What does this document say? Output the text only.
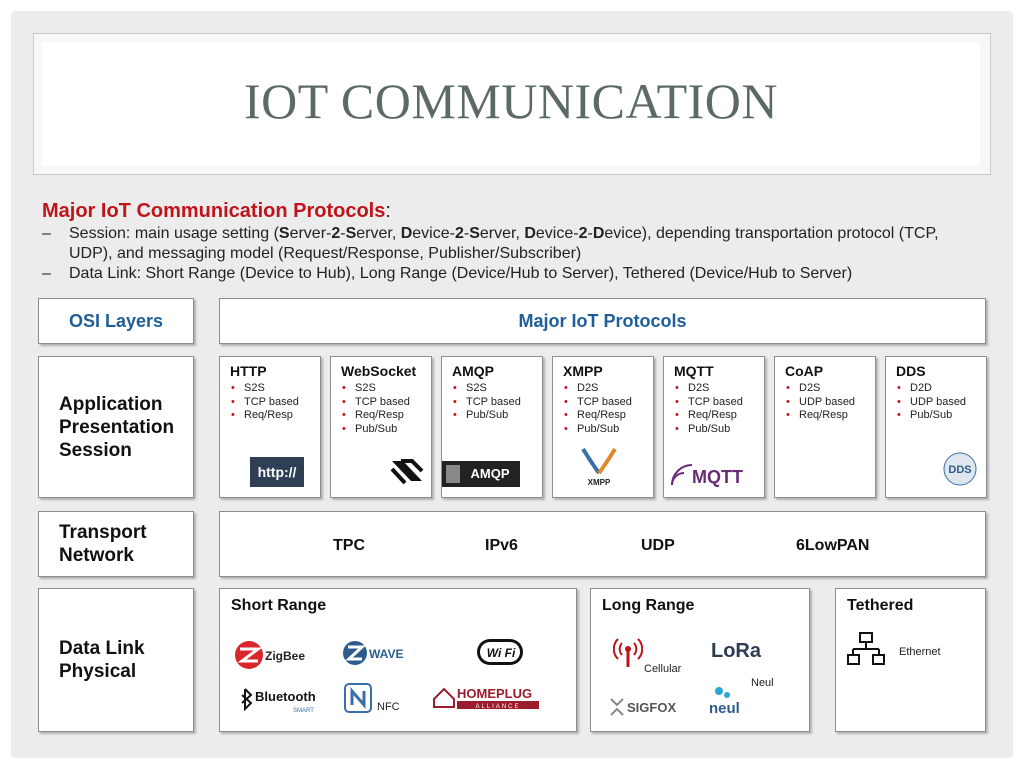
IOT COMMUNICATION
Major IoT Communication Protocols:
– Session: main usage setting (Server-2-Server, Device-2-Server, Device-2-Device), depending transportation protocol (TCP, UDP), and messaging model (Request/Response, Publisher/Subscriber)
– Data Link: Short Range (Device to Hub), Long Range (Device/Hub to Server), Tethered (Device/Hub to Server)
OSI Layers	Major IoT Protocols
Application
Presentation
Session
Transport
Network
Data Link
Physical
HTTP
• S2S
• TCP based
• Req/Resp
http://
WebSocket
• S2S
• TCP based
• Req/Resp
• Pub/Sub
AMQP
• S2S
• TCP based
• Pub/Sub
AMQP
XMPP
• D2S
• TCP based
• Req/Resp
• Pub/Sub
XMPP
MQTT
• D2S
• TCP based
• Req/Resp
• Pub/Sub
MQTT
CoAP
• D2S
• UDP based
• Req/Resp
DDS
• D2D
• UDP based
• Pub/Sub
DDS
TPC	IPv6	UDP	6LowPAN
Short Range
ZigBee	WAVE	Wi Fi
Bluetooth
SMART	NFC
HOMEPLUG
ALLIANCE
Long Range
Cellular
LoRa
Neul
neul
SIGFOX
Tethered
Ethernet
